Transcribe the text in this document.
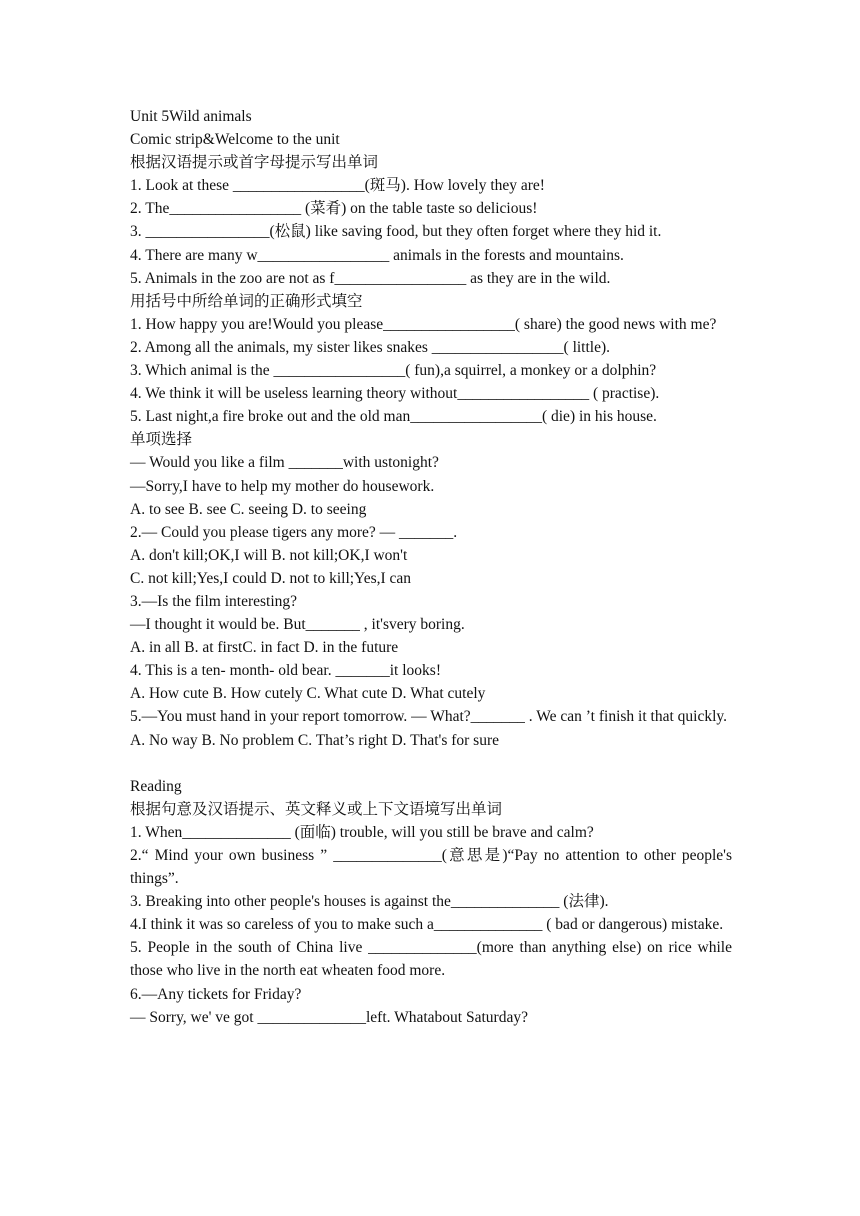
Unit 5Wild animals

Comic strip&Welcome to the unit

根据汉语提示或首字母提示写出单词

1. Look at these _________________(斑马). How lovely they are!

2. The_________________ (菜肴) on the table taste so delicious!

3. ________________(松鼠) like saving food, but they often forget where they hid it.

4. There are many w_________________ animals in the forests and mountains.

5. Animals in the zoo are not as f_________________ as they are in the wild.

用括号中所给单词的正确形式填空

1. How happy you are!Would you please_________________( share) the good news with me?

2. Among all the animals, my sister likes snakes _________________( little).

3. Which animal is the _________________( fun),a squirrel, a monkey or a dolphin?

4. We think it will be useless learning theory without_________________ ( practise).

5. Last night,a fire broke out and the old man_________________( die) in his house.

单项选择

— Would you like a film _______with ustonight?

—Sorry,I have to help my mother do housework.

A. to see B. see C. seeing D. to seeing

2.— Could you please tigers any more? — _______.

A. don't kill;OK,I will B. not kill;OK,I won't

C. not kill;Yes,I could D. not to kill;Yes,I can

3.—Is the film interesting?

—I thought it would be. But_______ , it'svery boring.

A. in all B. at firstC. in fact D. in the future

4. This is a ten- month- old bear. _______it looks!

A. How cute B. How cutely C. What cute D. What cutely

5.—You must hand in your report tomorrow. — What?_______ . We can ’t finish it that quickly.

A. No way B. No problem C. That’s right D. That's for sure

Reading

根据句意及汉语提示、英文释义或上下文语境写出单词

1. When______________ (面临) trouble, will you still be brave and calm?

2.“ Mind your own business ” ______________(意思是)“Pay no attention to other people's things”.

3. Breaking into other people's houses is against the______________ (法律).

4.I think it was so careless of you to make such a______________ ( bad or dangerous) mistake.

5. People in the south of China live ______________(more than anything else) on rice while those who live in the north eat wheaten food more.

6.—Any tickets for Friday?

— Sorry, we' ve got ______________left. Whatabout Saturday?
